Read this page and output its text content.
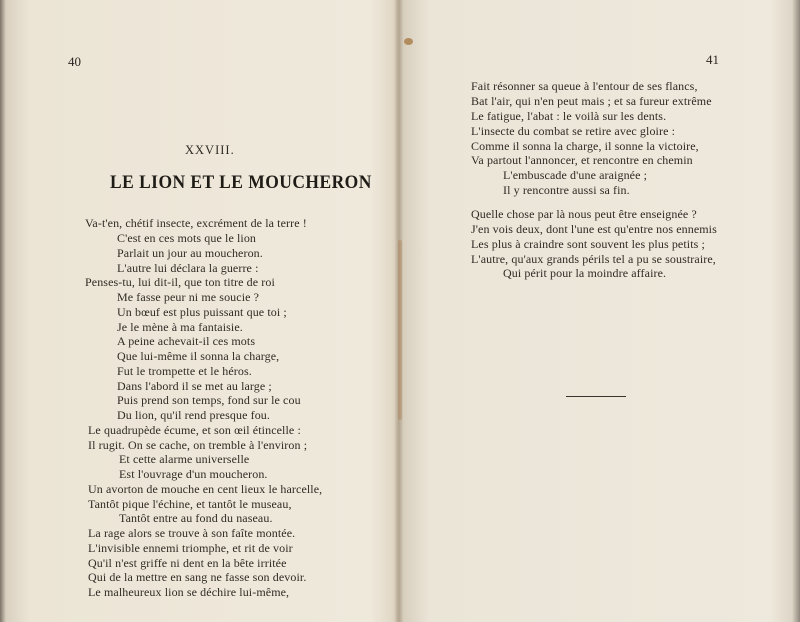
40
XXVIII.
LE LION ET LE MOUCHERON
Va-t'en, chétif insecte, excrément de la terre !
C'est en ces mots que le lion
Parlait un jour au moucheron.
L'autre lui déclara la guerre :
Penses-tu, lui dit-il, que ton titre de roi
Me fasse peur ni me soucie ?
Un bœuf est plus puissant que toi ;
Je le mène à ma fantaisie.
A peine achevait-il ces mots
Que lui-même il sonna la charge,
Fut le trompette et le héros.
Dans l'abord il se met au large ;
Puis prend son temps, fond sur le cou
Du lion, qu'il rend presque fou.
Le quadrupède écume, et son œil étincelle :
Il rugit. On se cache, on tremble à l'environ ;
Et cette alarme universelle
Est l'ouvrage d'un moucheron.
Un avorton de mouche en cent lieux le harcelle,
Tantôt pique l'échine, et tantôt le museau,
Tantôt entre au fond du naseau.
La rage alors se trouve à son faîte montée.
L'invisible ennemi triomphe, et rit de voir
Qu'il n'est griffe ni dent en la bête irritée
Qui de la mettre en sang ne fasse son devoir.
Le malheureux lion se déchire lui-même,
41
Fait résonner sa queue à l'entour de ses flancs,
Bat l'air, qui n'en peut mais ; et sa fureur extrême
Le fatigue, l'abat : le voilà sur les dents.
L'insecte du combat se retire avec gloire :
Comme il sonna la charge, il sonne la victoire,
Va partout l'annoncer, et rencontre en chemin
L'embuscade d'une araignée ;
Il y rencontre aussi sa fin.
Quelle chose par là nous peut être enseignée ?
J'en vois deux, dont l'une est qu'entre nos ennemis
Les plus à craindre sont souvent les plus petits ;
L'autre, qu'aux grands périls tel a pu se soustraire,
Qui périt pour la moindre affaire.
